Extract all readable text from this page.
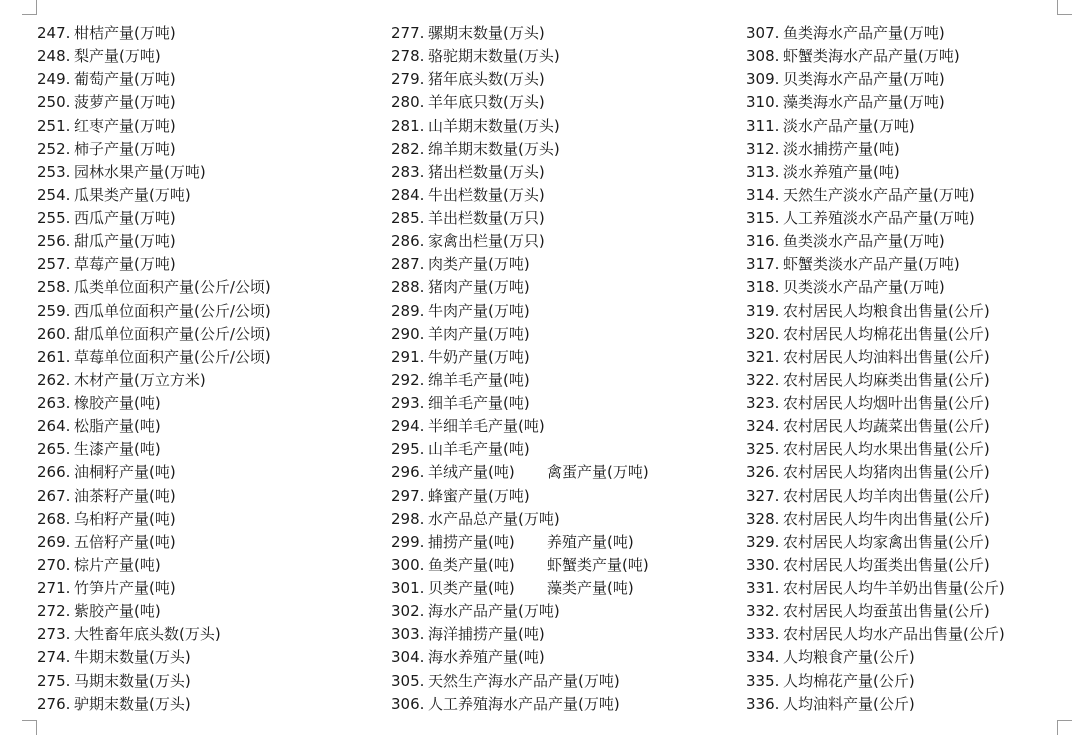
247. 柑桔产量(万吨)
248. 梨产量(万吨)
249. 葡萄产量(万吨)
250. 菠萝产量(万吨)
251. 红枣产量(万吨)
252. 柿子产量(万吨)
253. 园林水果产量(万吨)
254. 瓜果类产量(万吨)
255. 西瓜产量(万吨)
256. 甜瓜产量(万吨)
257. 草莓产量(万吨)
258. 瓜类单位面积产量(公斤/公顷)
259. 西瓜单位面积产量(公斤/公顷)
260. 甜瓜单位面积产量(公斤/公顷)
261. 草莓单位面积产量(公斤/公顷)
262. 木材产量(万立方米)
263. 橡胶产量(吨)
264. 松脂产量(吨)
265. 生漆产量(吨)
266. 油桐籽产量(吨)
267. 油茶籽产量(吨)
268. 乌桕籽产量(吨)
269. 五倍籽产量(吨)
270. 棕片产量(吨)
271. 竹笋片产量(吨)
272. 紫胶产量(吨)
273. 大牲畜年底头数(万头)
274. 牛期末数量(万头)
275. 马期末数量(万头)
276. 驴期末数量(万头)
277. 骡期末数量(万头)
278. 骆驼期末数量(万头)
279. 猪年底头数(万头)
280. 羊年底只数(万头)
281. 山羊期末数量(万头)
282. 绵羊期末数量(万头)
283. 猪出栏数量(万头)
284. 牛出栏数量(万头)
285. 羊出栏数量(万只)
286. 家禽出栏量(万只)
287. 肉类产量(万吨)
288. 猪肉产量(万吨)
289. 牛肉产量(万吨)
290. 羊肉产量(万吨)
291. 牛奶产量(万吨)
292. 绵羊毛产量(吨)
293. 细羊毛产量(吨)
294. 半细羊毛产量(吨)
295. 山羊毛产量(吨)
296. 羊绒产量(吨) 禽蛋产量(万吨)
297. 蜂蜜产量(万吨)
298. 水产品总产量(万吨)
299. 捕捞产量(吨) 养殖产量(吨)
300. 鱼类产量(吨) 虾蟹类产量(吨)
301. 贝类产量(吨) 藻类产量(吨)
302. 海水产品产量(万吨)
303. 海洋捕捞产量(吨)
304. 海水养殖产量(吨)
305. 天然生产海水产品产量(万吨)
306. 人工养殖海水产品产量(万吨)
307. 鱼类海水产品产量(万吨)
308. 虾蟹类海水产品产量(万吨)
309. 贝类海水产品产量(万吨)
310. 藻类海水产品产量(万吨)
311. 淡水产品产量(万吨)
312. 淡水捕捞产量(吨)
313. 淡水养殖产量(吨)
314. 天然生产淡水产品产量(万吨)
315. 人工养殖淡水产品产量(万吨)
316. 鱼类淡水产品产量(万吨)
317. 虾蟹类淡水产品产量(万吨)
318. 贝类淡水产品产量(万吨)
319. 农村居民人均粮食出售量(公斤)
320. 农村居民人均棉花出售量(公斤)
321. 农村居民人均油料出售量(公斤)
322. 农村居民人均麻类出售量(公斤)
323. 农村居民人均烟叶出售量(公斤)
324. 农村居民人均蔬菜出售量(公斤)
325. 农村居民人均水果出售量(公斤)
326. 农村居民人均猪肉出售量(公斤)
327. 农村居民人均羊肉出售量(公斤)
328. 农村居民人均牛肉出售量(公斤)
329. 农村居民人均家禽出售量(公斤)
330. 农村居民人均蛋类出售量(公斤)
331. 农村居民人均牛羊奶出售量(公斤)
332. 农村居民人均蚕茧出售量(公斤)
333. 农村居民人均水产品出售量(公斤)
334. 人均粮食产量(公斤)
335. 人均棉花产量(公斤)
336. 人均油料产量(公斤)
